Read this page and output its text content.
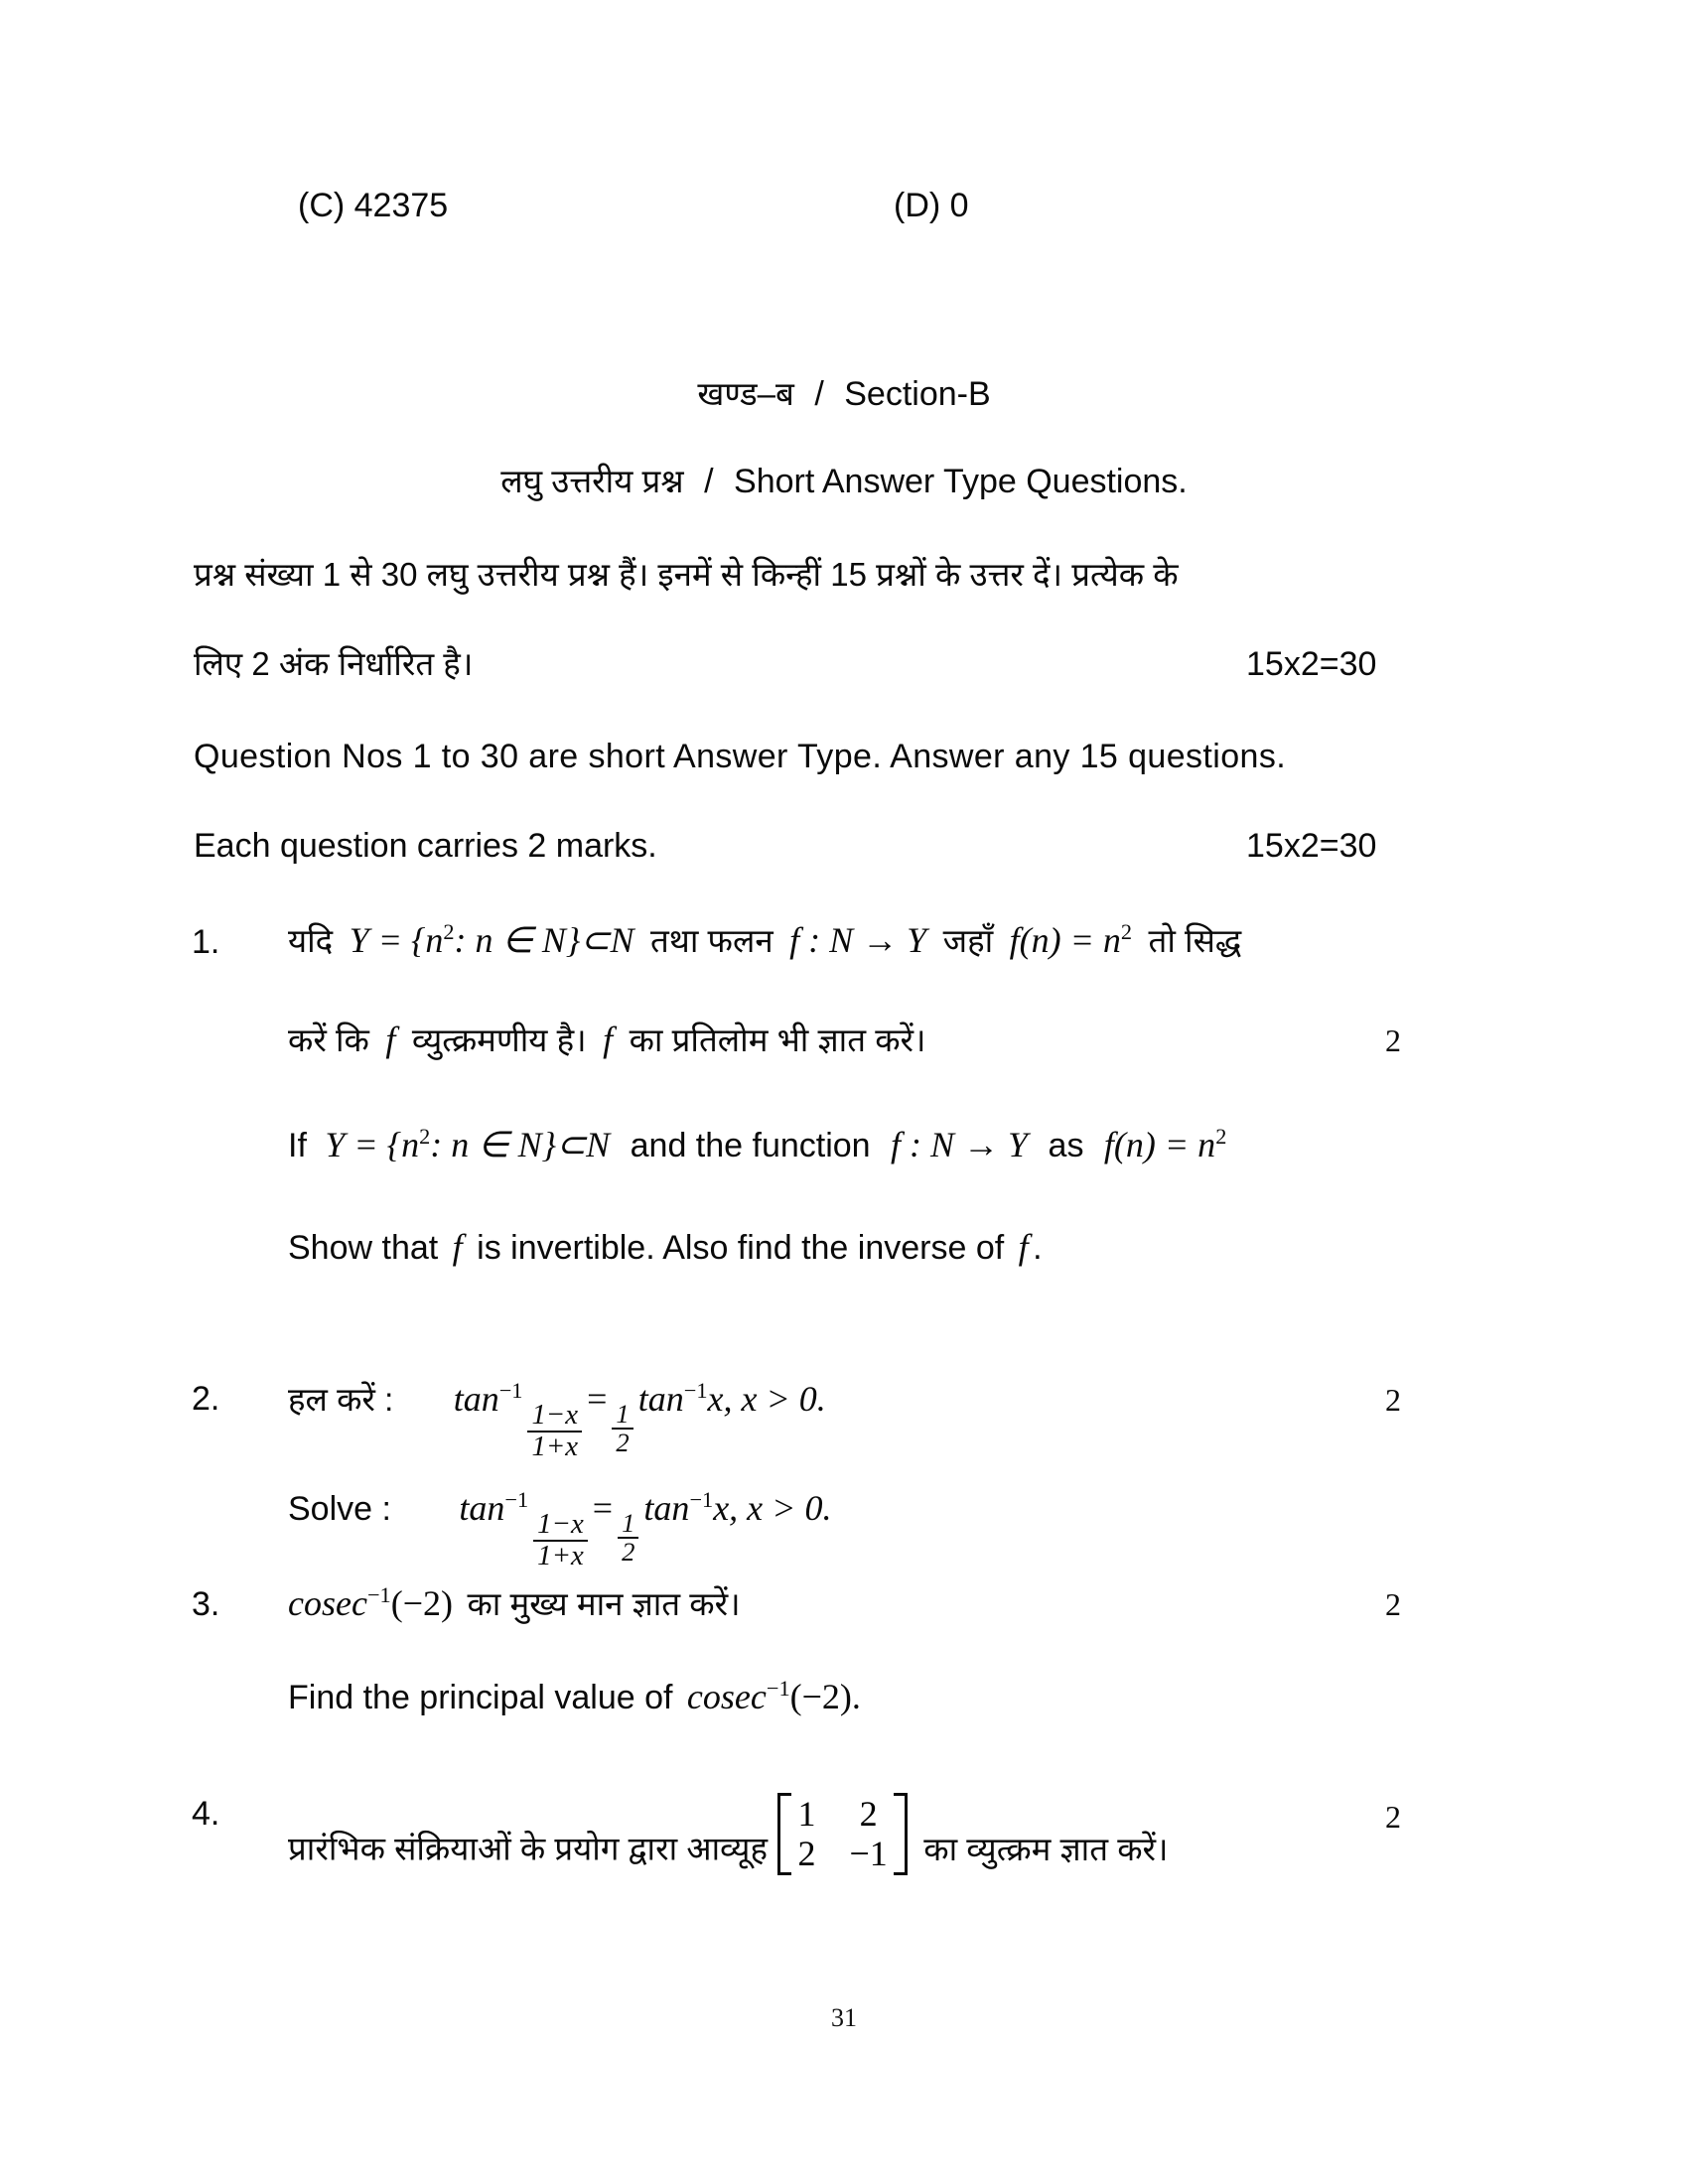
(C) 42375	(D) 0
खण्ड–ब / Section-B
लघु उत्तरीय प्रश्न / Short Answer Type Questions.
प्रश्न संख्या 1 से 30 लघु उत्तरीय प्रश्न हैं। इनमें से किन्हीं 15 प्रश्नों के उत्तर दें। प्रत्येक के
लिए 2 अंक निर्धारित है।	15x2=30
Question Nos 1 to 30 are short Answer Type. Answer any 15 questions.
Each question carries 2 marks.	15x2=30
1. यदि $Y = \{n^2$: n ∈ N}⊂N तथा फलन f : N → Y जहाँ $f(n) = n^2$ तो सिद्ध
करें कि f व्युत्क्रमणीय है। f का प्रतिलोम भी ज्ञात करें।	2
If $Y = \{n^2$: n ∈ N}⊂N and the function f : N → Y as $f(n) = n^2$
Show that f is invertible. Also find the inverse of f .
2. हल करें : $\tan^{-1}$
$\frac{1-x}{1+x}$
=
$\frac{1}{2}$
$\tan^{-1}x$, x > 0.	2
Solve : $\tan^{-1}$
$\frac{1-x}{1+x}$
=
$\frac{1}{2}$
$\tan^{-1}x$, x > 0.
3. cosec$^{-1}$(−2) का मुख्य मान ज्ञात करें।	2
Find the principal value of cosec$^{-1}$(−2).
4.
प्रारंभिक संक्रियाओं के प्रयोग द्वारा आव्यूह
1 2
2 −1 का व्युत्क्रम ज्ञात करें।
2
31
